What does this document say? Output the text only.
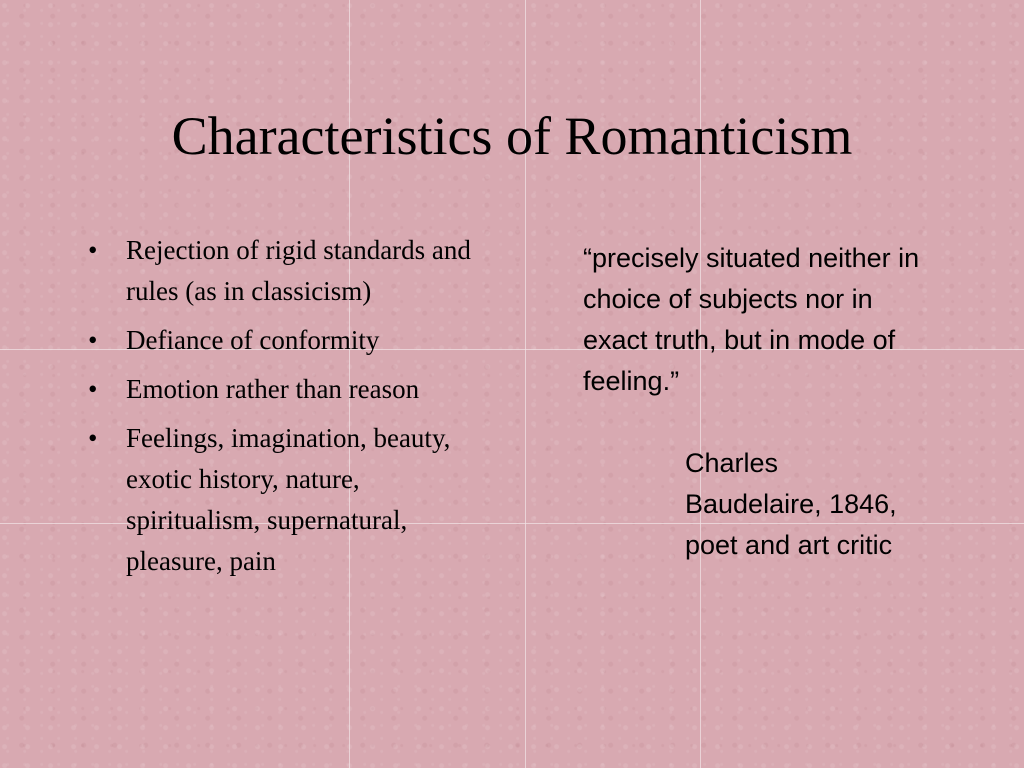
Characteristics of Romanticism
• Rejection of rigid standards and rules (as in classicism)
• Defiance of conformity
• Emotion rather than reason
• Feelings, imagination, beauty, exotic history, nature, spiritualism, supernatural, pleasure, pain

“precisely situated neither in choice of subjects nor in exact truth, but in mode of feeling.”

Charles
Baudelaire, 1846,
poet and art critic
